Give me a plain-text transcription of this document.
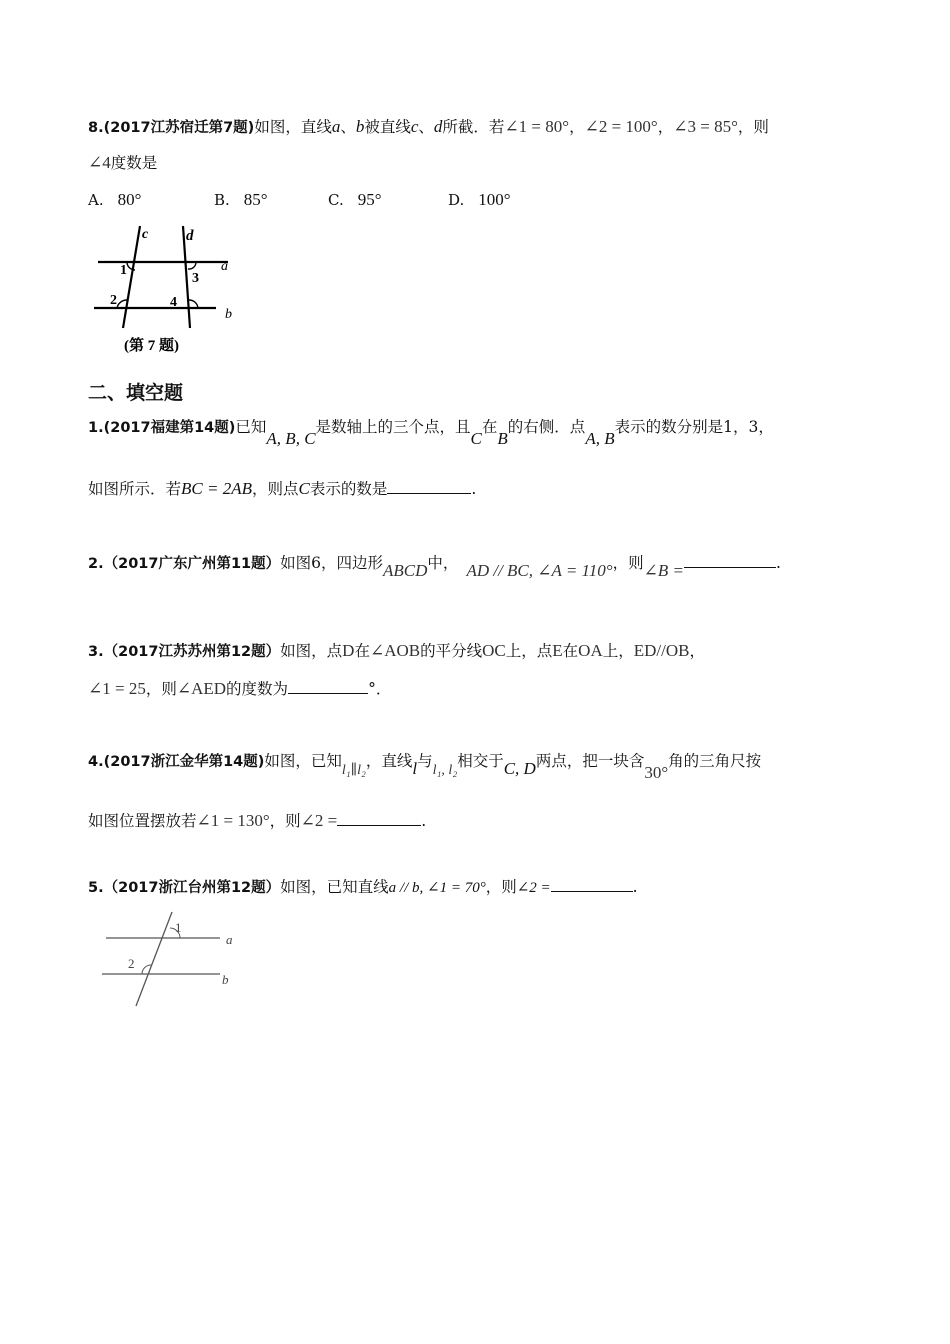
8.(2017江苏宿迁第7题)如图，直线a、b被直线c、d所截．若∠1 = 80°，∠2 = 100°，∠3 = 85°，则
∠4度数是
A. 80°	B. 85°	C. 95°	D. 100°
c	d
a
b
1
3
2	4
(第 7 题)
二、填空题
1.(2017福建第14题)已知A, B, C是数轴上的三个点，且C在B的右侧．点A, B表示的数分别是1，3，
如图所示．若BC = 2AB，则点C表示的数是	.
2.（2017广东广州第11题）如图6，四边形ABCD中， AD // BC, ∠A = 110°，则∠B =	.
3.（2017江苏苏州第12题）如图，点D在∠AOB的平分线OC上，点E在OA上，ED//OB，
∠1 = 25，则∠AED的度数为	°．
4.(2017浙江金华第14题)如图，已知l₁∥l₂，直线l与l₁, l₂相交于C, D两点，把一块含30°角的三角尺按
如图位置摆放若∠1 = 130°，则∠2 =	.
5.（2017浙江台州第12题）如图，已知直线a // b, ∠1 = 70°，则∠2 =	.
1
2
a
b
